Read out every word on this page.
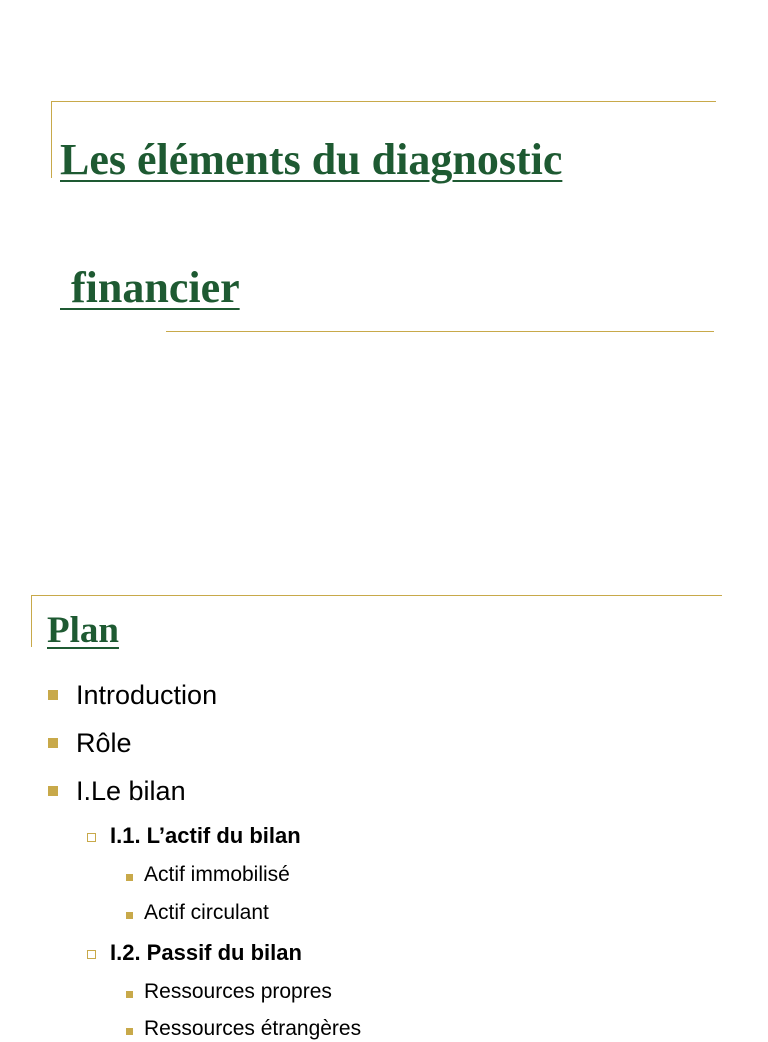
Les éléments du diagnostic
financier
Plan
Introduction
Rôle
I.Le bilan
I.1. L’actif du bilan
Actif immobilisé
Actif circulant
I.2. Passif du bilan
Ressources propres
Ressources étrangères
